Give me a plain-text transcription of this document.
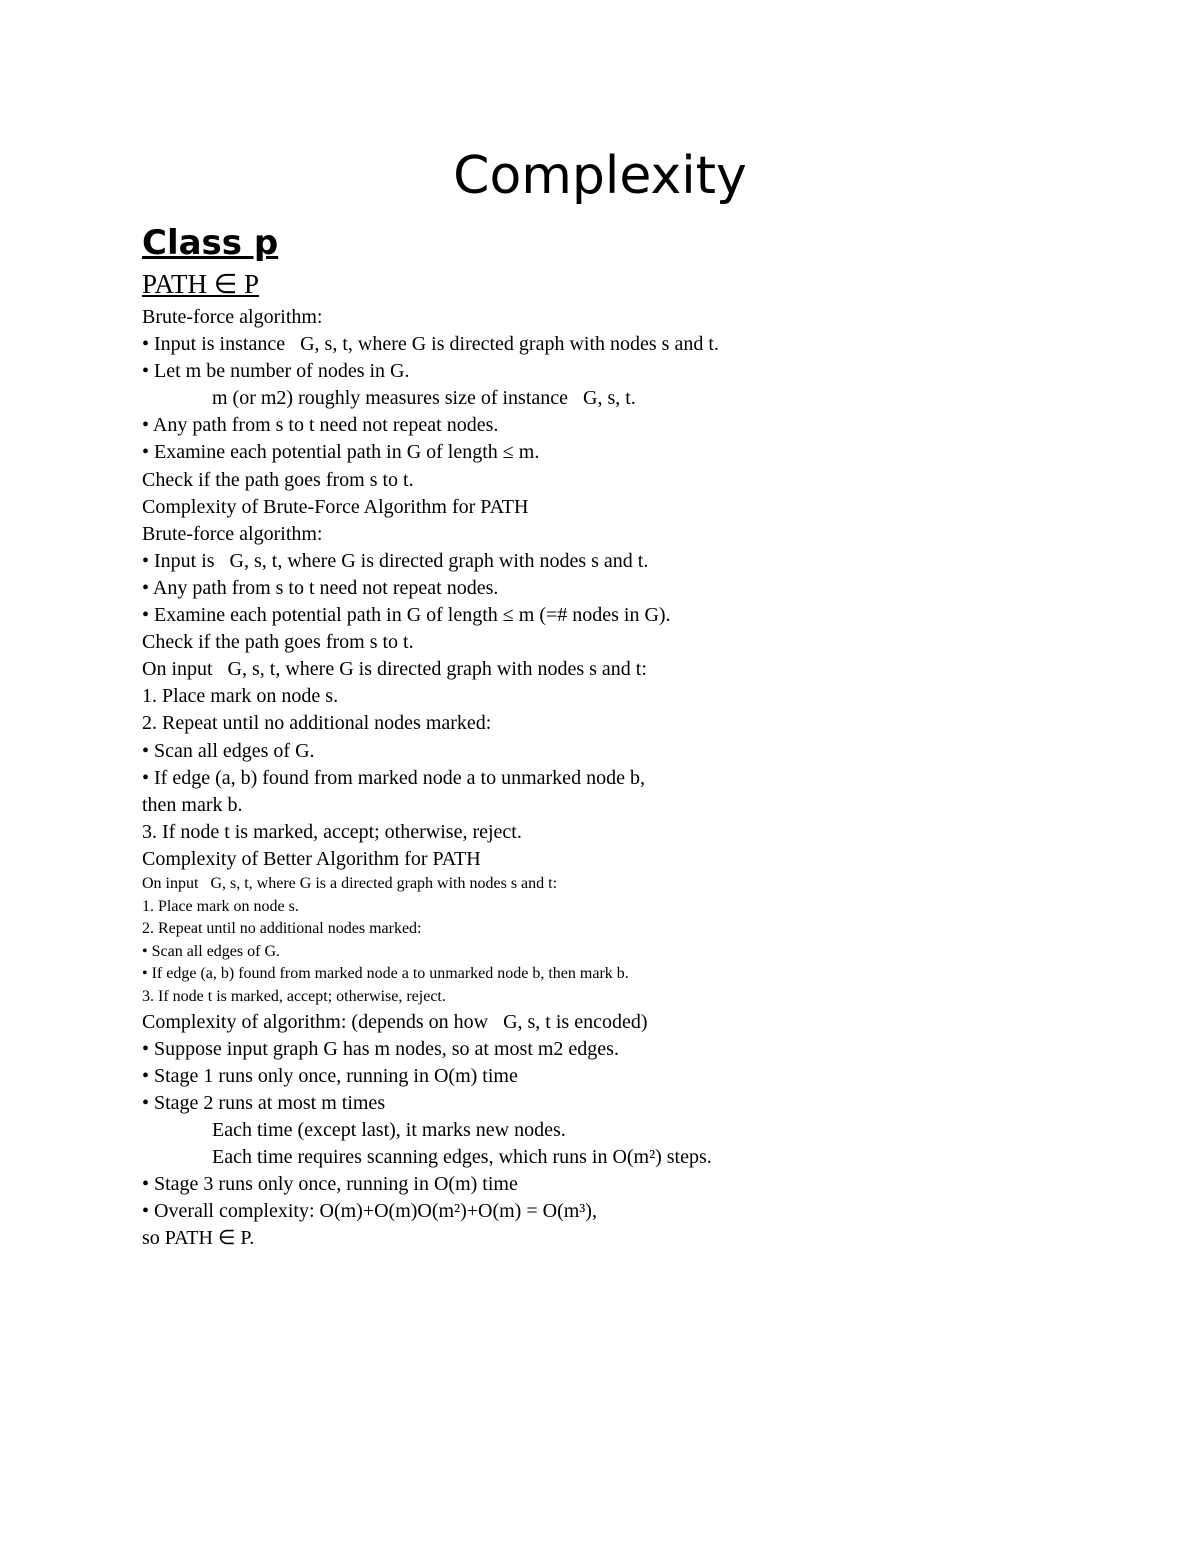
Complexity
Class p
PATH ∈ P
Brute-force algorithm:
• Input is instance   G, s, t, where G is directed graph with nodes s and t.
• Let m be number of nodes in G.
m (or m2) roughly measures size of instance   G, s, t.
• Any path from s to t need not repeat nodes.
• Examine each potential path in G of length ≤ m.
Check if the path goes from s to t.
Complexity of Brute-Force Algorithm for PATH
Brute-force algorithm:
• Input is   G, s, t, where G is directed graph with nodes s and t.
• Any path from s to t need not repeat nodes.
• Examine each potential path in G of length ≤ m (=# nodes in G).
Check if the path goes from s to t.
On input   G, s, t, where G is directed graph with nodes s and t:
1. Place mark on node s.
2. Repeat until no additional nodes marked:
• Scan all edges of G.
• If edge (a, b) found from marked node a to unmarked node b,
then mark b.
3. If node t is marked, accept; otherwise, reject.
Complexity of Better Algorithm for PATH
On input   G, s, t, where G is a directed graph with nodes s and t:
1. Place mark on node s.
2. Repeat until no additional nodes marked:
• Scan all edges of G.
• If edge (a, b) found from marked node a to unmarked node b, then mark b.
3. If node t is marked, accept; otherwise, reject.
Complexity of algorithm: (depends on how   G, s, t is encoded)
• Suppose input graph G has m nodes, so at most m2 edges.
• Stage 1 runs only once, running in O(m) time
• Stage 2 runs at most m times
Each time (except last), it marks new nodes.
Each time requires scanning edges, which runs in O(m²) steps.
• Stage 3 runs only once, running in O(m) time
• Overall complexity: O(m)+O(m)O(m²)+O(m) = O(m³),
so PATH ∈ P.
